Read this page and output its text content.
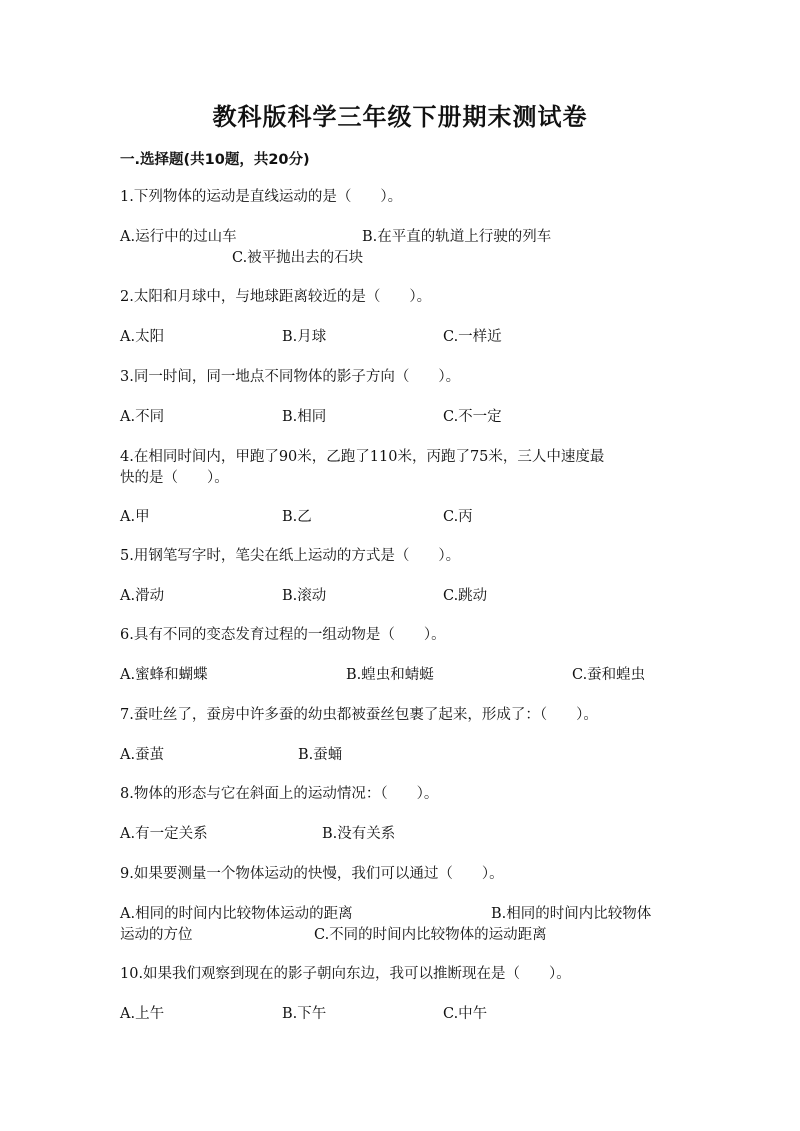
教科版科学三年级下册期末测试卷
一.选择题(共10题，共20分)
1.下列物体的运动是直线运动的是（　　）。
A.运行中的过山车	B.在平直的轨道上行驶的列车
C.被平抛出去的石块
2.太阳和月球中，与地球距离较近的是（　　）。
A.太阳	B.月球	C.一样近
3.同一时间，同一地点不同物体的影子方向（　　）。
A.不同	B.相同	C.不一定
4.在相同时间内，甲跑了90米，乙跑了110米，丙跑了75米，三人中速度最
快的是（　　）。
A.甲	B.乙	C.丙
5.用钢笔写字时，笔尖在纸上运动的方式是（　　）。
A.滑动	B.滚动	C.跳动
6.具有不同的变态发育过程的一组动物是（　　）。
A.蜜蜂和蝴蝶	B.蝗虫和蜻蜓	C.蚕和蝗虫
7.蚕吐丝了，蚕房中许多蚕的幼虫都被蚕丝包裹了起来，形成了：（　　）。
A.蚕茧	B.蚕蛹
8.物体的形态与它在斜面上的运动情况：（　　）。
A.有一定关系	B.没有关系
9.如果要测量一个物体运动的快慢，我们可以通过（　　）。
A.相同的时间内比较物体运动的距离	B.相同的时间内比较物体
运动的方位	C.不同的时间内比较物体的运动距离
10.如果我们观察到现在的影子朝向东边，我可以推断现在是（　　）。
A.上午	B.下午	C.中午
